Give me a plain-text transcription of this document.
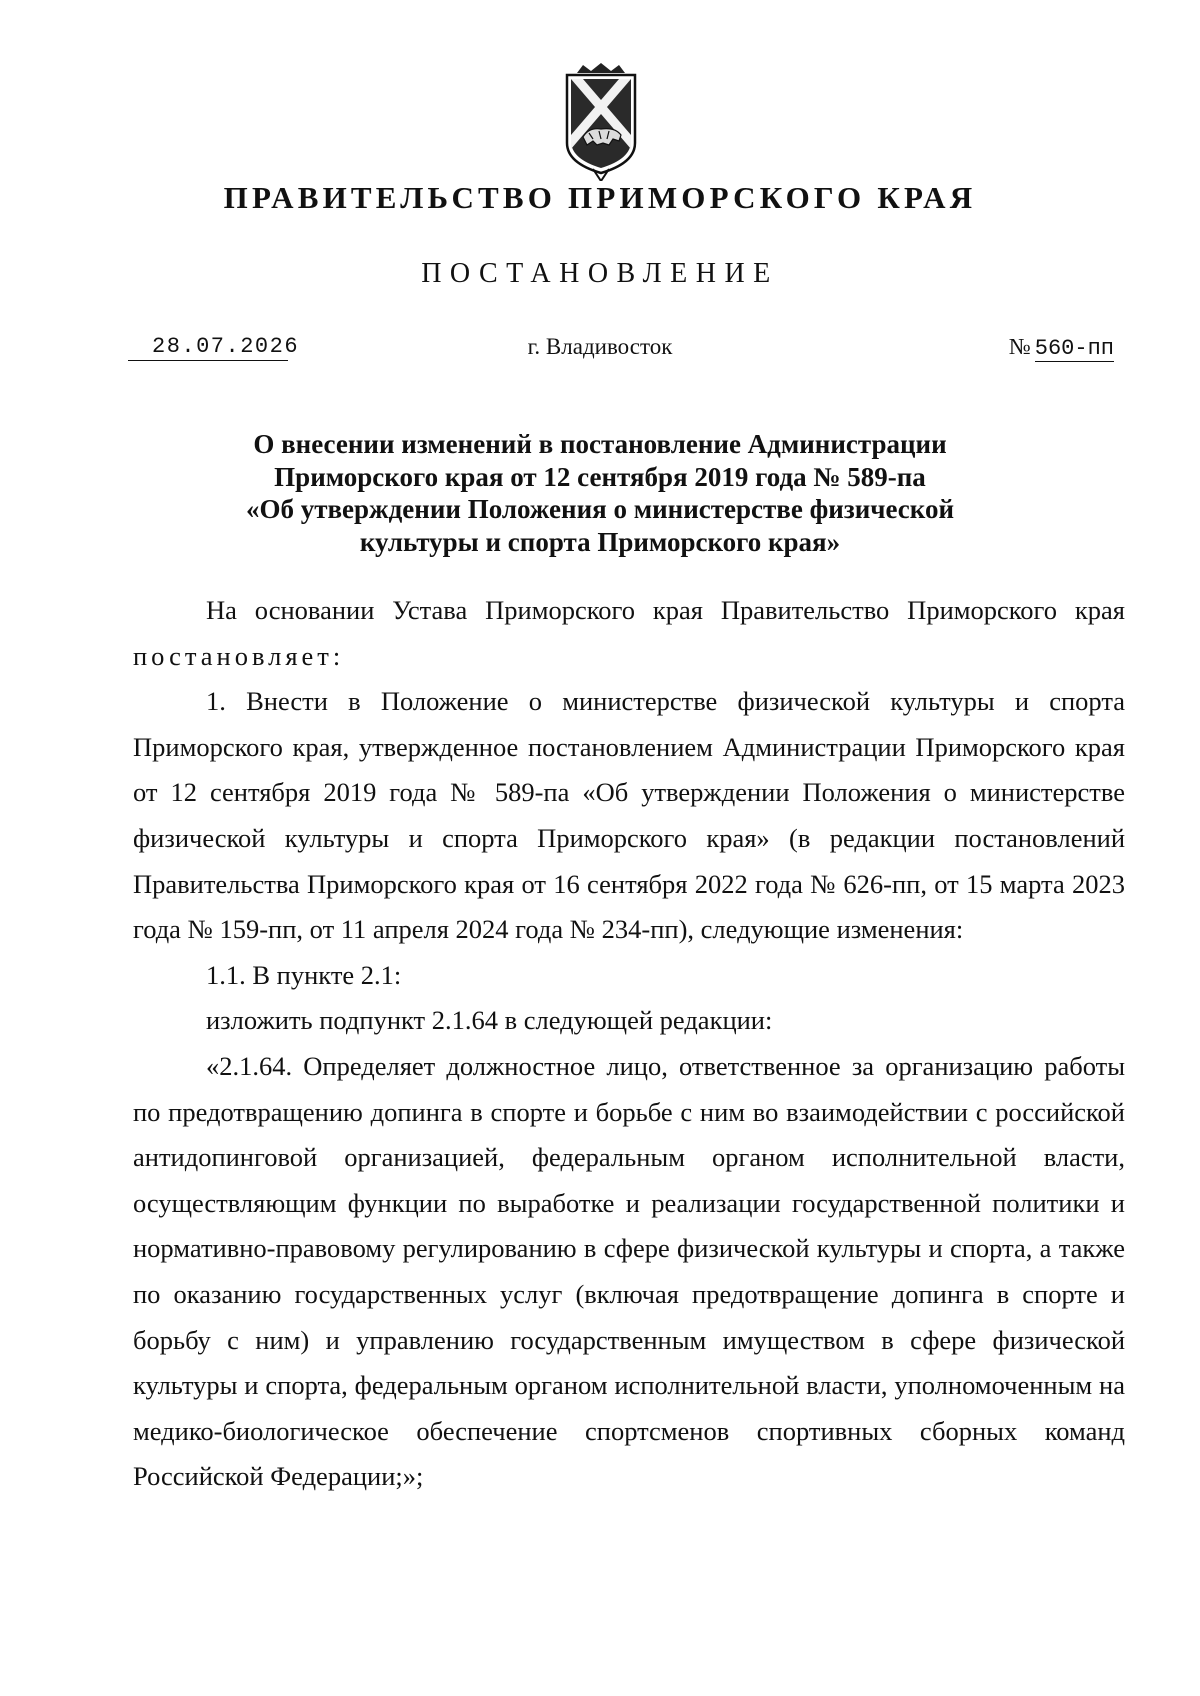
ПРАВИТЕЛЬСТВО ПРИМОРСКОГО КРАЯ
ПОСТАНОВЛЕНИЕ
28.07.2026	г. Владивосток	№ 560-пп
О внесении изменений в постановление Администрации
Приморского края от 12 сентября 2019 года № 589-па
«Об утверждении Положения о министерстве физической
культуры и спорта Приморского края»

На основании Устава Приморского края Правительство Приморского края постановляет:

1. Внести в Положение о министерстве физической культуры и спорта Приморского края, утвержденное постановлением Администрации Приморского края от 12 сентября 2019 года № 589-па «Об утверждении Положения о министерстве физической культуры и спорта Приморского края» (в редакции постановлений Правительства Приморского края от 16 сентября 2022 года № 626-пп, от 15 марта 2023 года № 159-пп, от 11 апреля 2024 года № 234-пп), следующие изменения:

1.1. В пункте 2.1:

изложить подпункт 2.1.64 в следующей редакции:

«2.1.64. Определяет должностное лицо, ответственное за организацию работы по предотвращению допинга в спорте и борьбе с ним во взаимодействии с российской антидопинговой организацией, федеральным органом исполнительной власти, осуществляющим функции по выработке и реализации государственной политики и нормативно-правовому регулированию в сфере физической культуры и спорта, а также по оказанию государственных услуг (включая предотвращение допинга в спорте и борьбу с ним) и управлению государственным имуществом в сфере физической культуры и спорта, федеральным органом исполнительной власти, уполномоченным на медико-биологическое обеспечение спортсменов спортивных сборных команд Российской Федерации;»;
